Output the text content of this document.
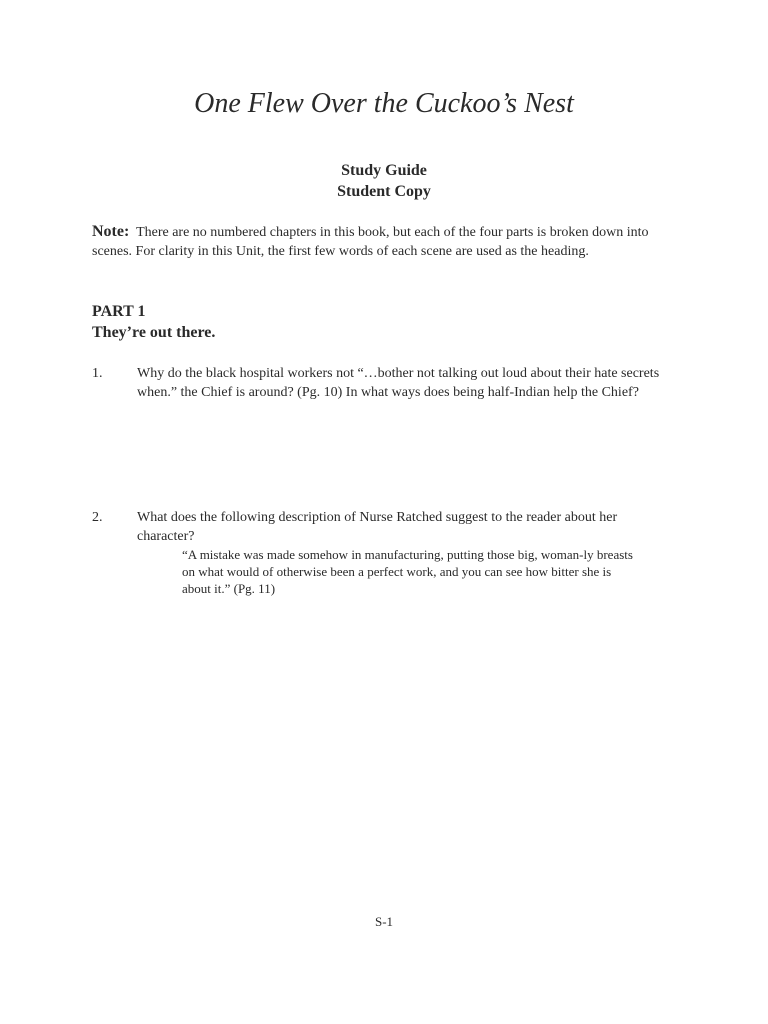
One Flew Over the Cuckoo’s Nest
Study Guide
Student Copy
Note: There are no numbered chapters in this book, but each of the four parts is broken down into scenes. For clarity in this Unit, the first few words of each scene are used as the heading.
PART 1
They’re out there.
1. Why do the black hospital workers not “…bother not talking out loud about their hate secrets when.” the Chief is around? (Pg. 10) In what ways does being half-Indian help the Chief?
2. What does the following description of Nurse Ratched suggest to the reader about her character?
“A mistake was made somehow in manufacturing, putting those big, woman-ly breasts on what would of otherwise been a perfect work, and you can see how bitter she is about it.” (Pg. 11)
S-1
